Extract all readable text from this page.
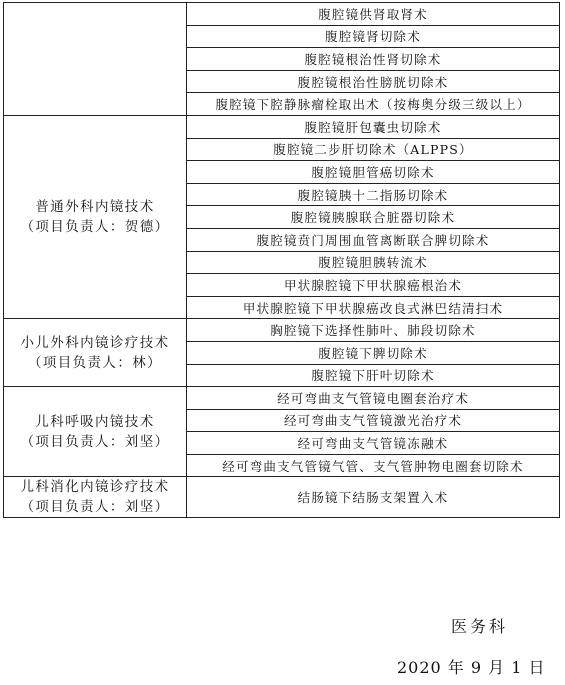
	腹腔镜供肾取肾术
	腹腔镜肾切除术
	腹腔镜根治性肾切除术
	腹腔镜根治性膀胱切除术
	腹腔镜下腔静脉瘤栓取出术（按梅奥分级三级以上）

普通外科内镜技术
（项目负责人：贺德）	腹腔镜肝包囊虫切除术
	腹腔镜二步肝切除术（ALPPS）
	腹腔镜胆管癌切除术
	腹腔镜胰十二指肠切除术
	腹腔镜胰腺联合脏器切除术
	腹腔镜贲门周围血管离断联合脾切除术
	腹腔镜胆胰转流术
	甲状腺腔镜下甲状腺癌根治术
	甲状腺腔镜下甲状腺癌改良式淋巴结清扫术

小儿外科内镜诊疗技术
（项目负责人：林）	胸腔镜下选择性肺叶、肺段切除术
	腹腔镜下脾切除术
	腹腔镜下肝叶切除术

儿科呼吸内镜技术
（项目负责人：刘坚）	经可弯曲支气管镜电圈套治疗术
	经可弯曲支气管镜激光治疗术
	经可弯曲支气管镜冻融术
	经可弯曲支气管镜气管、支气管肿物电圈套切除术

儿科消化内镜诊疗技术
（项目负责人：刘坚）	结肠镜下结肠支架置入术
医务科
2020 年 9 月 1 日
